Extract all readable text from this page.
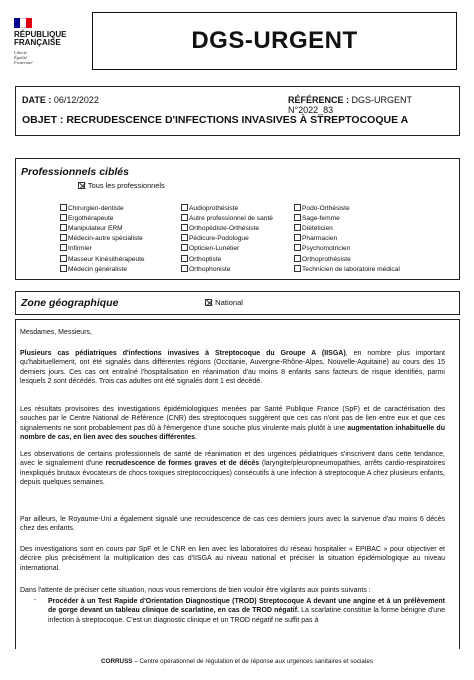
RÉPUBLIQUE
FRANÇAISE
Liberté
Égalité
Fraternité
DGS-URGENT
DATE : 06/12/2022	RÉFÉRENCE : DGS-URGENT N°2022_83
OBJET : RECRUDESCENCE D'INFECTIONS INVASIVES À STREPTOCOQUE A
Professionnels ciblés
Tous les professionnels
Chirurgien-dentiste
Ergothérapeute
Manipulateur ERM
Médecin-autre spécialiste
Infirmier
Masseur Kinésithérapeute
Médecin généraliste
Audioprothésiste
Autre professionnel de santé
Orthopédiste-Orthésiste
Pédicure-Podologue
Opticien-Lunetier
Orthoptiste
Orthophoniste
Podo-Orthésiste
Sage-femme
Diététicien
Pharmacien
Psychomotricien
Orthoprothésiste
Technicien de laboratoire médical
Zone géographique	National
Mesdames, Messieurs,
Plusieurs cas pédiatriques d'infections invasives à Streptocoque du Groupe A (IISGA), en nombre plus important qu'habituellement, ont été signalés dans différentes régions (Occitanie, Auvergne-Rhône-Alpes, Nouvelle-Aquitaine) au cours des 15 derniers jours. Ces cas ont entraîné l'hospitalisation en réanimation d'au moins 8 enfants sans facteurs de risque identifiés, parmi lesquels 2 sont décédés. Trois cas adultes ont été signalés dont 1 est décédé.
Les résultats provisoires des investigations épidémiologiques menées par Santé Publique France (SpF) et de caractérisation des souches par le Centre National de Référence (CNR) des streptocoques suggèrent que ces cas n'ont pas de lien entre eux et que ces signalements ne sont probablement pas dû à l'émergence d'une souche plus virulente mais plutôt à une augmentation inhabituelle du nombre de cas, en lien avec des souches différentes.
Les observations de certains professionnels de santé de réanimation et des urgences pédiatriques s'inscrivent dans cette tendance, avec le signalement d'une recrudescence de formes graves et de décès (laryngite/pleuropneumopathies, arrêts cardio-respiratoires inexpliqués brutaux évocateurs de chocs toxiques streptococciques) consécutifs à une infection à streptocoque A chez plusieurs enfants, depuis quelques semaines.
Par ailleurs, le Royaume-Uni a également signalé une recrudescence de cas ces derniers jours avec la survenue d'au moins 6 décès chez des enfants.
Des investigations sont en cours par SpF et le CNR en lien avec les laboratoires du réseau hospitalier « EPIBAC » pour objectiver et décrire plus précisément la multiplication des cas d'IISGA au niveau national et préciser la situation épidémiologique au niveau international.
Dans l'attente de préciser cette situation, nous vous remercions de bien vouloir être vigilants aux points suivants :
- Procéder à un Test Rapide d'Orientation Diagnostique (TROD) Streptocoque A devant une angine et à un prélèvement de gorge devant un tableau clinique de scarlatine, en cas de TROD négatif. La scarlatine constitue la forme bénigne d'une infection à streptocoque. C'est un diagnostic clinique et un TROD négatif ne suffit pas à
CORRUSS – Centre opérationnel de régulation et de réponse aux urgences sanitaires et sociales
